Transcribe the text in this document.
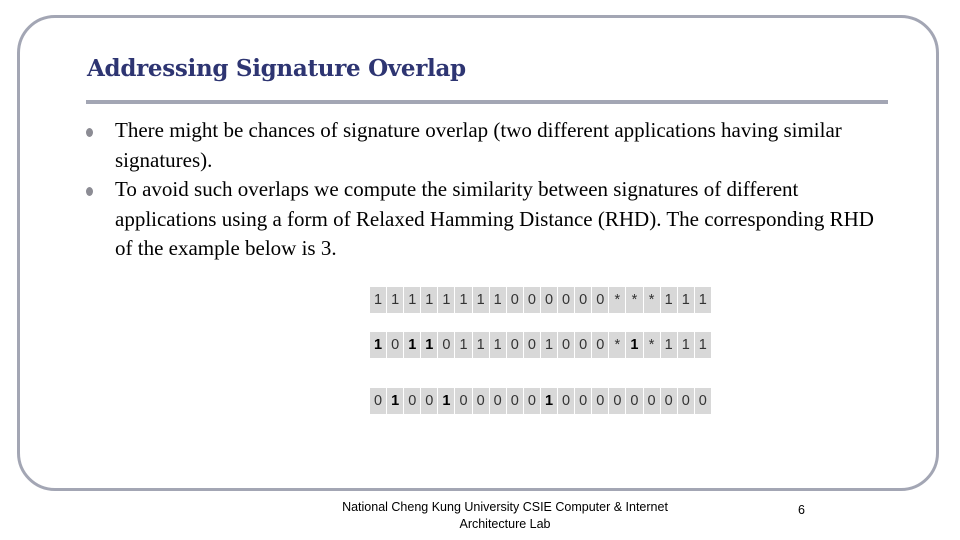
Addressing Signature Overlap
There might be chances of signature overlap (two different applications having similar signatures).
To avoid such overlaps we compute the similarity between signatures of different applications using a form of Relaxed Hamming Distance (RHD). The corresponding RHD of the example below is 3.
1 1 1 1 1 1 1 1 0 0 0 0 0 0 * * * 1 1 1
1 0 1 1 0 1 1 1 0 0 1 0 0 0 * 1 * 1 1 1
0 1 0 0 1 0 0 0 0 0 1 0 0 0 0 0 0 0 0 0
National Cheng Kung University CSIE Computer & Internet Architecture Lab
6
